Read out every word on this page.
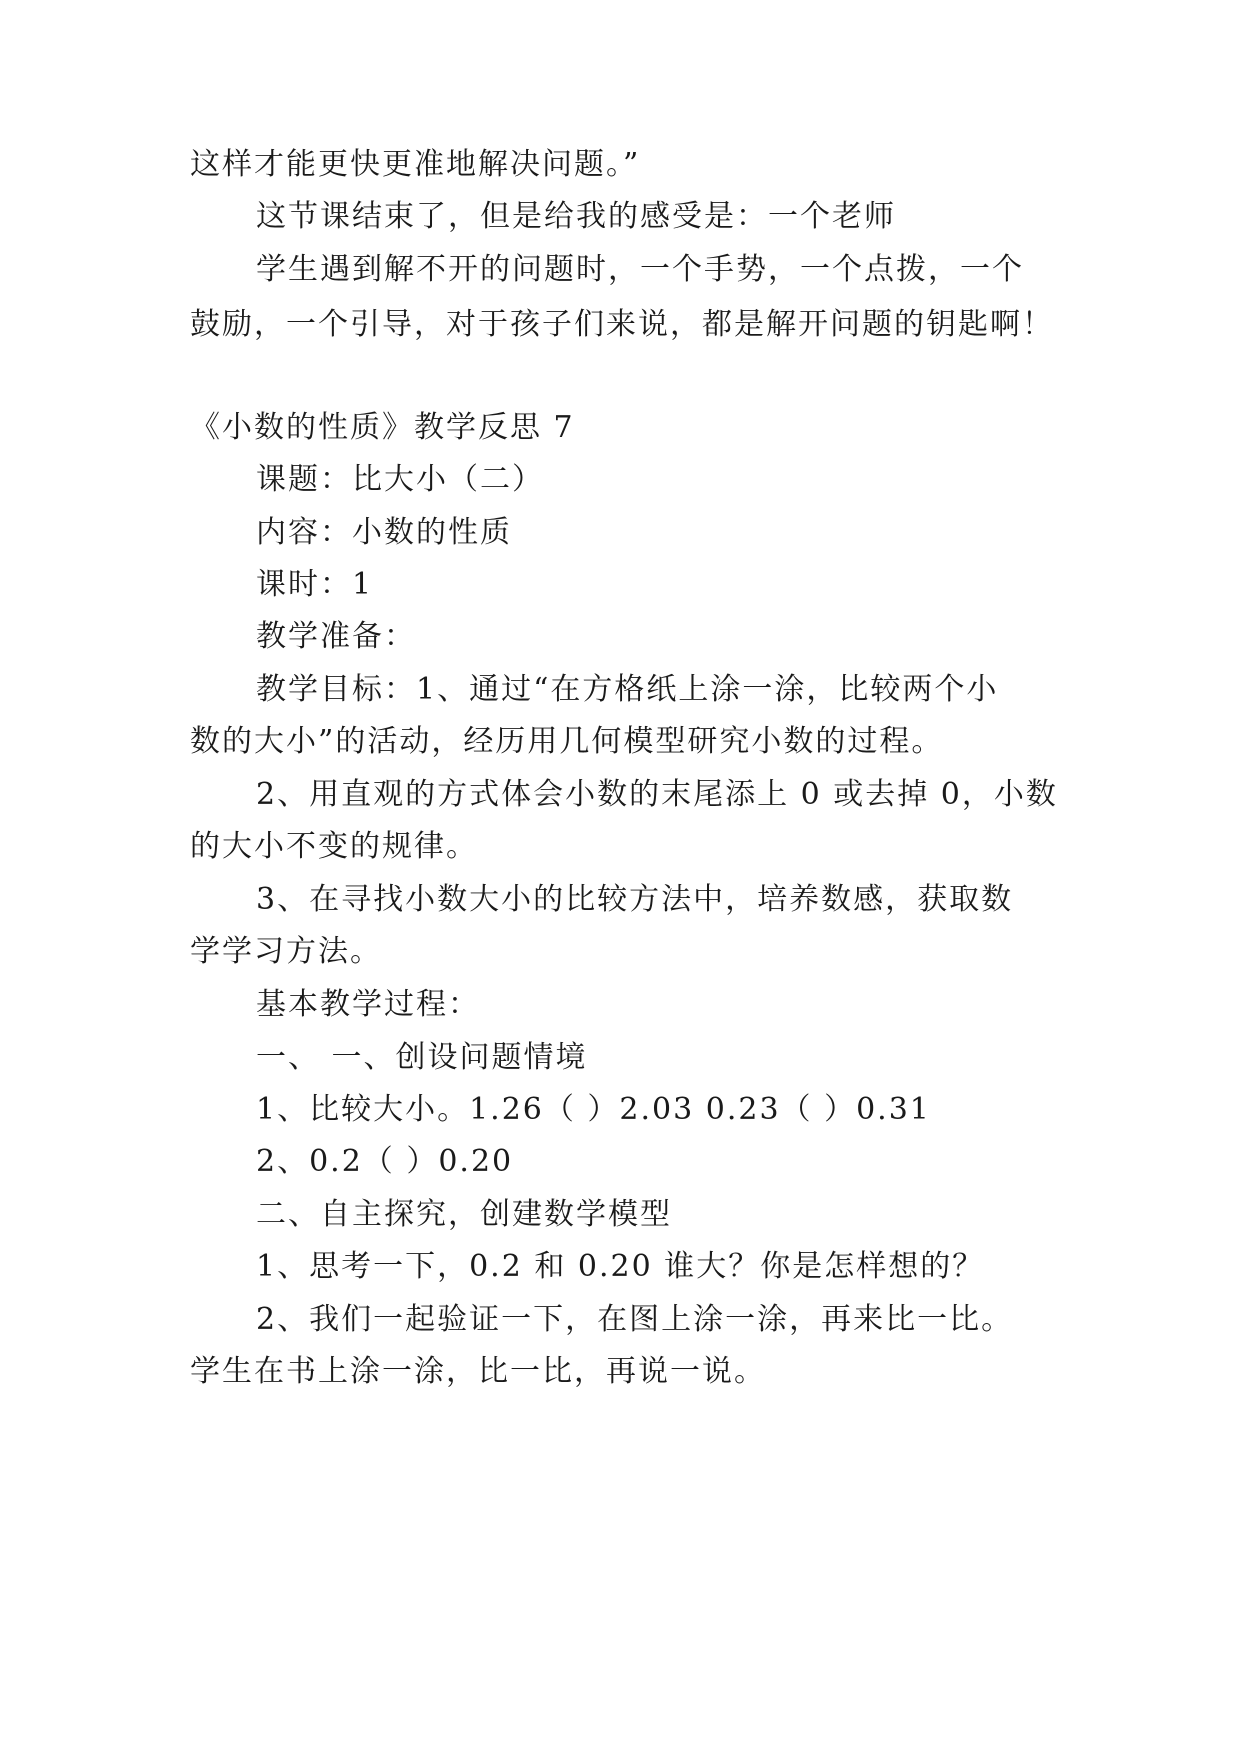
这样才能更快更准地解决问题。”
这节课结束了，但是给我的感受是：一个老师
学生遇到解不开的问题时，一个手势，一个点拨，一个
鼓励，一个引导，对于孩子们来说，都是解开问题的钥匙啊！
《小数的性质》教学反思 7
课题：比大小（二）
内容：小数的性质
课时：1
教学准备：
教学目标：1、通过“在方格纸上涂一涂，比较两个小
数的大小”的活动，经历用几何模型研究小数的过程。
2、用直观的方式体会小数的末尾添上 0 或去掉 0，小数
的大小不变的规律。
3、在寻找小数大小的比较方法中，培养数感，获取数
学学习方法。
基本教学过程：
一、 一、创设问题情境
1、比较大小。1.26（ ）2.03 0.23（ ）0.31
2、0.2（ ）0.20
二、自主探究，创建数学模型
1、思考一下，0.2 和 0.20 谁大？你是怎样想的？
2、我们一起验证一下，在图上涂一涂，再来比一比。
学生在书上涂一涂，比一比，再说一说。
